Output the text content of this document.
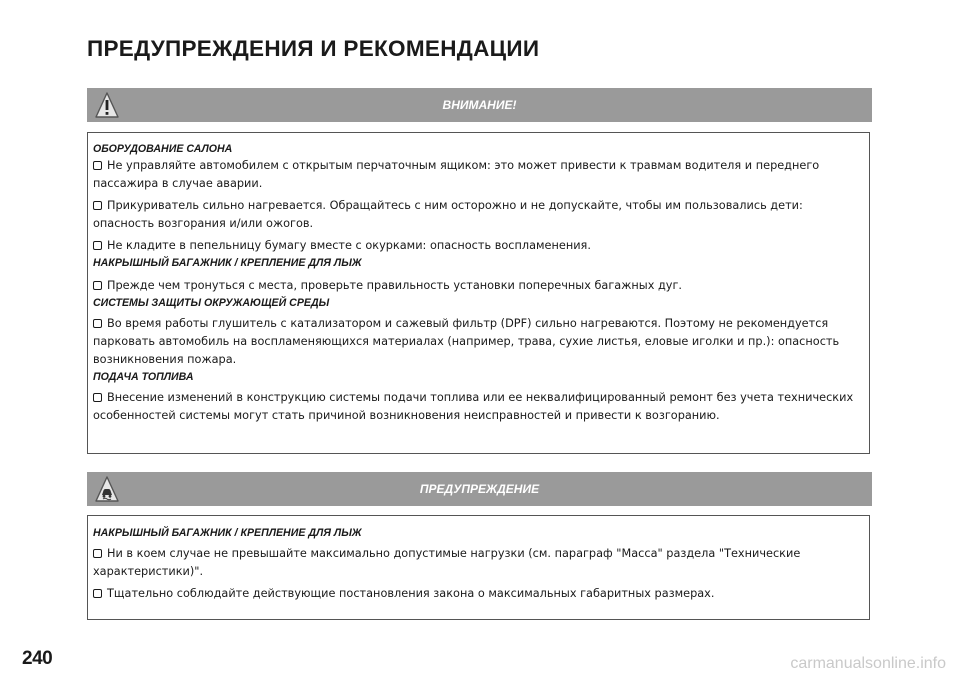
ПРЕДУПРЕЖДЕНИЯ И РЕКОМЕНДАЦИИ
ВНИМАНИЕ!
ОБОРУДОВАНИЕ САЛОНА

Не управляйте автомобилем с открытым перчаточным ящиком: это может привести к травмам водителя и переднего пассажира в случае аварии.

Прикуриватель сильно нагревается. Обращайтесь с ним осторожно и не допускайте, чтобы им пользовались дети: опасность возгорания и/или ожогов.

Не кладите в пепельницу бумагу вместе с окурками: опасность воспламенения.

НАКРЫШНЫЙ БАГАЖНИК / КРЕПЛЕНИЕ ДЛЯ ЛЫЖ

Прежде чем тронуться с места, проверьте правильность установки поперечных багажных дуг.

СИСТЕМЫ ЗАЩИТЫ ОКРУЖАЮЩЕЙ СРЕДЫ

Во время работы глушитель с катализатором и сажевый фильтр (DPF) сильно нагреваются. Поэтому не рекомендуется парковать автомобиль на воспламеняющихся материалах (например, трава, сухие листья, еловые иголки и пр.): опасность возникновения пожара.

ПОДАЧА ТОПЛИВА

Внесение изменений в конструкцию системы подачи топлива или ее неквалифицированный ремонт без учета технических особенностей системы могут стать причиной возникновения неисправностей и привести к возгоранию.

ПРЕДУПРЕЖДЕНИЕ
НАКРЫШНЫЙ БАГАЖНИК / КРЕПЛЕНИЕ ДЛЯ ЛЫЖ

Ни в коем случае не превышайте максимально допустимые нагрузки (см. параграф "Масса" раздела "Технические характеристики)".

Тщательно соблюдайте действующие постановления закона о максимальных габаритных размерах.

240	carmanualsonline.info
